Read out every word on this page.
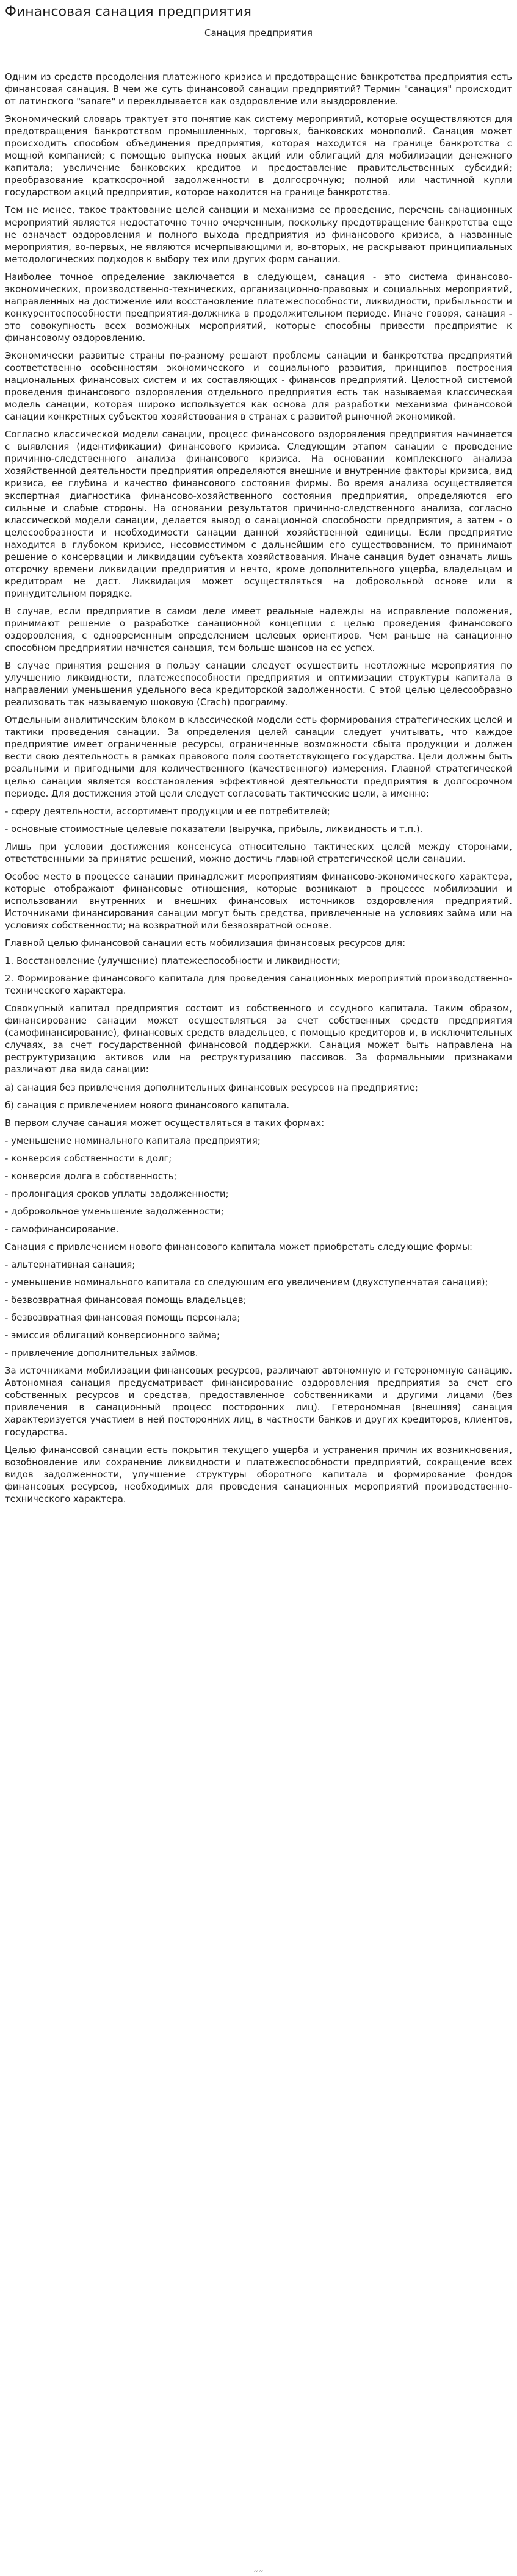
Финансовая санация предприятия
Санация предприятия

Одним из средств преодоления платежного кризиса и предотвращение банкротства предприятия есть финансовая санация. В чем же суть финансовой санации предприятий? Термин "санация" происходит от латинского "sanare" и переклдывается как оздоровление или выздоровление.

Экономический словарь трактует это понятие как систему мероприятий, которые осуществляются для предотвращения банкротством промышленных, торговых, банковских монополий. Санация может происходить способом объединения предприятия, которая находится на границе банкротства с мощной компанией; с помощью выпуска новых акций или облигаций для мобилизации денежного капитала; увеличение банковских кредитов и предоставление правительственных субсидий; преобразование краткосрочной задолженности в долгосрочную; полной или частичной купли государством акций предприятия, которое находится на границе банкротства.

Тем не менее, такое трактование целей санации и механизма ее проведение, перечень санационных мероприятий является недостаточно точно очерченным, поскольку предотвращение банкротства еще не означает оздоровления и полного выхода предприятия из финансового кризиса, а названные мероприятия, во-первых, не являются исчерпывающими и, во-вторых, не раскрывают принципиальных методологических подходов к выбору тех или других форм санации.

Наиболее точное определение заключается в следующем, санация - это система финансово-экономических, производственно-технических, организационно-правовых и социальных мероприятий, направленных на достижение или восстановление платежеспособности, ликвидности, прибыльности и конкурентоспособности предприятия-должника в продолжительном периоде. Иначе говоря, санация - это совокупность всех возможных мероприятий, которые способны привести предприятие к финансовому оздоровлению.

Экономически развитые страны по-разному решают проблемы санации и банкротства предприятий соответственно особенностям экономического и социального развития, принципов построения национальных финансовых систем и их составляющих - финансов предприятий. Целостной системой проведения финансового оздоровления отдельного предприятия есть так называемая классическая модель санации, которая широко используется как основа для разработки механизма финансовой санации конкретных субъектов хозяйствования в странах с развитой рыночной экономикой.

Согласно классической модели санации, процесс финансового оздоровления предприятия начинается с выявления (идентификации) финансового кризиса. Следующим этапом санации е проведение причинно-следственного анализа финансового кризиса. На основании комплексного анализа хозяйственной деятельности предприятия определяются внешние и внутренние факторы кризиса, вид кризиса, ее глубина и качество финансового состояния фирмы. Во время анализа осуществляется экспертная диагностика финансово-хозяйственного состояния предприятия, определяются его сильные и слабые стороны. На основании результатов причинно-следственного анализа, согласно классической модели санации, делается вывод о санационной способности предприятия, а затем - о целесообразности и необходимости санации данной хозяйственной единицы. Если предприятие находится в глубоком кризисе, несовместимом с дальнейшим его существованием, то принимают решение о консервации и ликвидации субъекта хозяйствования. Иначе санация будет означать лишь отсрочку времени ликвидации предприятия и нечто, кроме дополнительного ущерба, владельцам и кредиторам не даст. Ликвидация может осуществляться на добровольной основе или в принудительном порядке.

В случае, если предприятие в самом деле имеет реальные надежды на исправление положения, принимают решение о разработке санационной концепции с целью проведения финансового оздоровления, с одновременным определением целевых ориентиров. Чем раньше на санационно способном предприятии начнется санация, тем больше шансов на ее успех.

В случае принятия решения в пользу санации следует осуществить неотложные мероприятия по улучшению ликвидности, платежеспособности предприятия и оптимизации структуры капитала в направлении уменьшения удельного веса кредиторской задолженности. С этой целью целесообразно реализовать так называемую шоковую (Crach) программу.

Отдельным аналитическим блоком в классической модели есть формирования стратегических целей и тактики проведения санации. За определения целей санации следует учитывать, что каждое предприятие имеет ограниченные ресурсы, ограниченные возможности сбыта продукции и должен вести свою деятельность в рамках правового поля соответствующего государства. Цели должны быть реальными и пригодными для количественного (качественного) измерения. Главной стратегической целью санации является восстановления эффективной деятельности предприятия в долгосрочном периоде. Для достижения этой цели следует согласовать тактические цели, а именно:

- сферу деятельности, ассортимент продукции и ее потребителей;

- основные стоимостные целевые показатели (выручка, прибыль, ликвидность и т.п.).

Лишь при условии достижения консенсуса относительно тактических целей между сторонами, ответственными за принятие решений, можно достичь главной стратегической цели санации.

Особое место в процессе санации принадлежит мероприятиям финансово-экономического характера, которые отображают финансовые отношения, которые возникают в процессе мобилизации и использовании внутренних и внешних финансовых источников оздоровления предприятий. Источниками финансирования санации могут быть средства, привлеченные на условиях займа или на условиях собственности; на возвратной или безвозвратной основе.

Главной целью финансовой санации есть мобилизация финансовых ресурсов для:

1. Восстановление (улучшение) платежеспособности и ликвидности;

2. Формирование финансового капитала для проведения санационных мероприятий производственно-технического характера.

Совокупный капитал предприятия состоит из собственного и ссудного капитала. Таким образом, финансирование санации может осуществляться за счет собственных средств предприятия (самофинансирование), финансовых средств владельцев, с помощью кредиторов и, в исключительных случаях, за счет государственной финансовой поддержки. Санация может быть направлена на реструктуризацию активов или на реструктуризацию пассивов. За формальными признаками различают два вида санации:

а) санация без привлечения дополнительных финансовых ресурсов на предприятие;

б) санация с привлечением нового финансового капитала.

В первом случае санация может осуществляться в таких формах:

- уменьшение номинального капитала предприятия;

- конверсия собственности в долг;

- конверсия долга в собственность;

- пролонгация сроков уплаты задолженности;

- добровольное уменьшение задолженности;

- самофинансирование.

Санация с привлечением нового финансового капитала может приобретать следующие формы:

- альтернативная санация;

- уменьшение номинального капитала со следующим его увеличением (двухступенчатая санация);

- безвозвратная финансовая помощь владельцев;

- безвозвратная финансовая помощь персонала;

- эмиссия облигаций конверсионного займа;

- привлечение дополнительных займов.

За источниками мобилизации финансовых ресурсов, различают автономную и гетерономную санацию. Автономная санация предусматривает финансирование оздоровления предприятия за счет его собственных ресурсов и средства, предоставленное собственниками и другими лицами (без привлечения в санационный процесс посторонних лиц). Гетерономная (внешняя) санация характеризуется участием в ней посторонних лиц, в частности банков и других кредиторов, клиентов, государства.

Целью финансовой санации есть покрытия текущего ущерба и устранения причин их возникновения, возобновление или сохранение ликвидности и платежеспособности предприятий, сокращение всех видов задолженности, улучшение структуры оборотного капитала и формирование фондов финансовых ресурсов, необходимых для проведения санационных мероприятий производственно-технического характера.

~ ~
